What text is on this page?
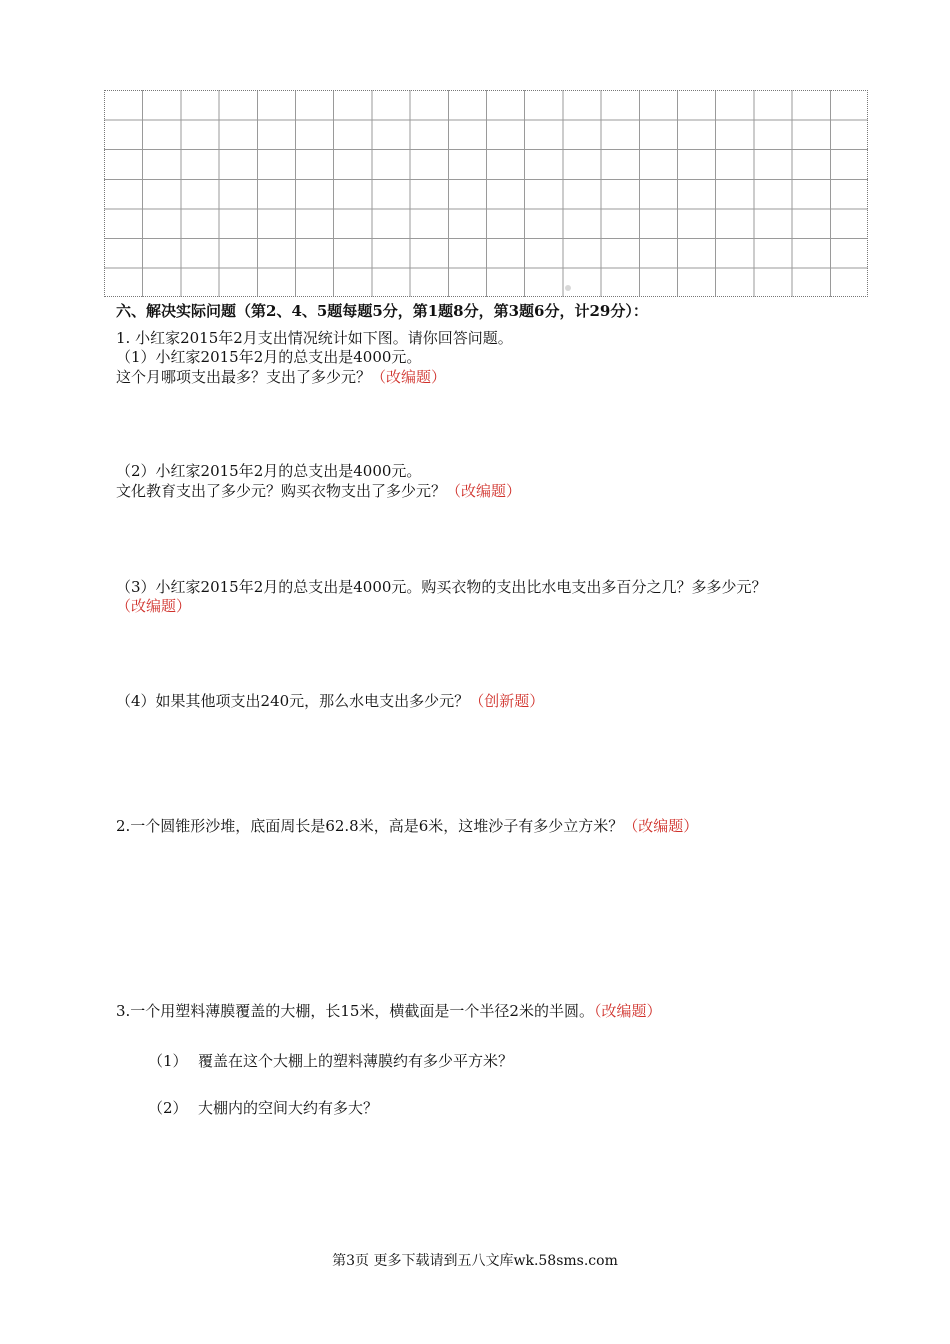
六、解决实际问题（第2、4、5题每题5分，第1题8分，第3题6分，计29分）：
1. 小红家2015年2月支出情况统计如下图。请你回答问题。
（1）小红家2015年2月的总支出是4000元。
这个月哪项支出最多？支出了多少元？（改编题）
（2）小红家2015年2月的总支出是4000元。
文化教育支出了多少元？购买衣物支出了多少元？（改编题）
（3）小红家2015年2月的总支出是4000元。购买衣物的支出比水电支出多百分之几？多多少元？
（改编题）
（4）如果其他项支出240元，那么水电支出多少元？（创新题）
2.一个圆锥形沙堆，底面周长是62.8米，高是6米，这堆沙子有多少立方米？（改编题）
3.一个用塑料薄膜覆盖的大棚，长15米，横截面是一个半径2米的半圆。（改编题）
（1） 覆盖在这个大棚上的塑料薄膜约有多少平方米？
（2） 大棚内的空间大约有多大？
第3页 更多下载请到五八文库wk.58sms.com
